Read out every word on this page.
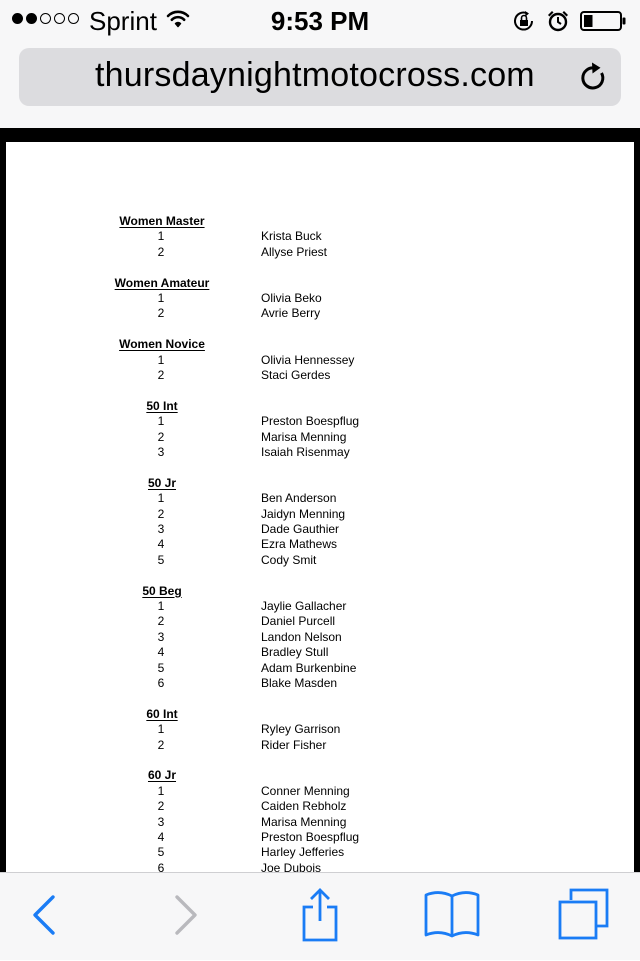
Sprint	9:53 PM
thursdaynightmotocross.com
Women Master
1	Krista Buck
2	Allyse Priest
Women Amateur
1	Olivia Beko
2	Avrie Berry
Women Novice
1	Olivia Hennessey
2	Staci Gerdes
50 Int
1	Preston Boespflug
2	Marisa Menning
3	Isaiah Risenmay
50 Jr
1	Ben Anderson
2	Jaidyn Menning
3	Dade Gauthier
4	Ezra Mathews
5	Cody Smit
50 Beg
1	Jaylie Gallacher
2	Daniel Purcell
3	Landon Nelson
4	Bradley Stull
5	Adam Burkenbine
6	Blake Masden
60 Int
1	Ryley Garrison
2	Rider Fisher
60 Jr
1	Conner Menning
2	Caiden Rebholz
3	Marisa Menning
4	Preston Boespflug
5	Harley Jefferies
6	Joe Dubois
